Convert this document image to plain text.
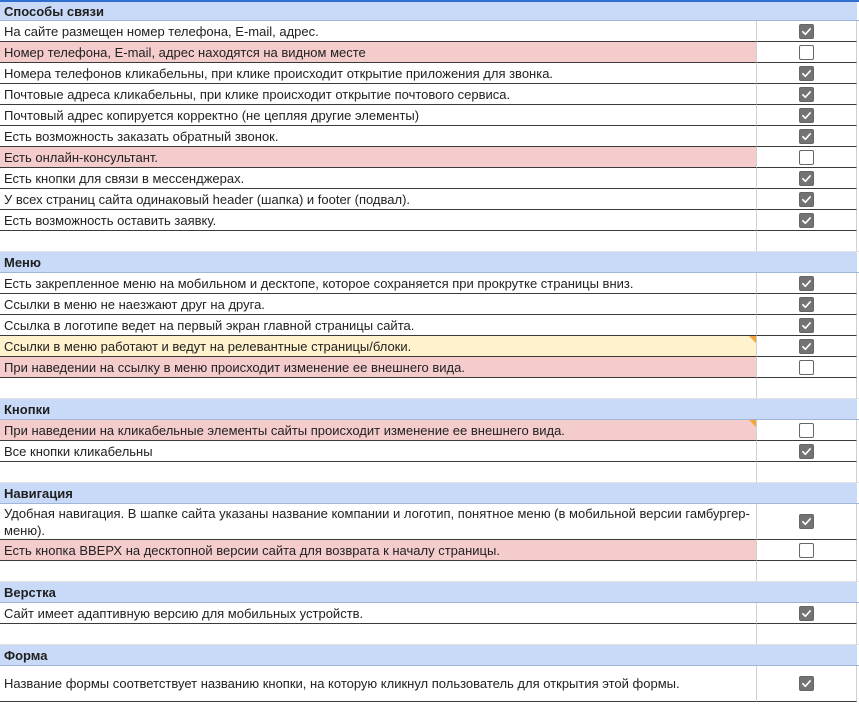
Способы связи
На сайте размещен номер телефона, E-mail, адрес.
Номер телефона, E-mail, адрес находятся на видном месте
Номера телефонов кликабельны, при клике происходит открытие приложения для звонка.
Почтовые адреса кликабельны, при клике происходит открытие почтового сервиса.
Почтовый адрес копируется корректно (не цепляя другие элементы)
Есть возможность заказать обратный звонок.
Есть онлайн-консультант.
Есть кнопки для связи в мессенджерах.
У всех страниц сайта одинаковый header (шапка) и footer (подвал).
Есть возможность оставить заявку.
Меню
Есть закрепленное меню на мобильном и десктопе, которое сохраняется при прокрутке страницы вниз.
Ссылки в меню не наезжают друг на друга.
Ссылка в логотипе ведет на первый экран главной страницы сайта.
Ссылки в меню работают и ведут на релевантные страницы/блоки.
При наведении на ссылку в меню происходит изменение ее внешнего вида.
Кнопки
При наведении на кликабельные элементы сайты происходит изменение ее внешнего вида.
Все кнопки кликабельны
Навигация
Удобная навигация. В шапке сайта указаны название компании и логотип, понятное меню (в мобильной версии гамбургер-меню).
Есть кнопка ВВЕРХ на десктопной версии сайта для возврата к началу страницы.
Верстка
Сайт имеет адаптивную версию для мобильных устройств.
Форма
Название формы соответствует названию кнопки, на которую кликнул пользователь для открытия этой формы.
